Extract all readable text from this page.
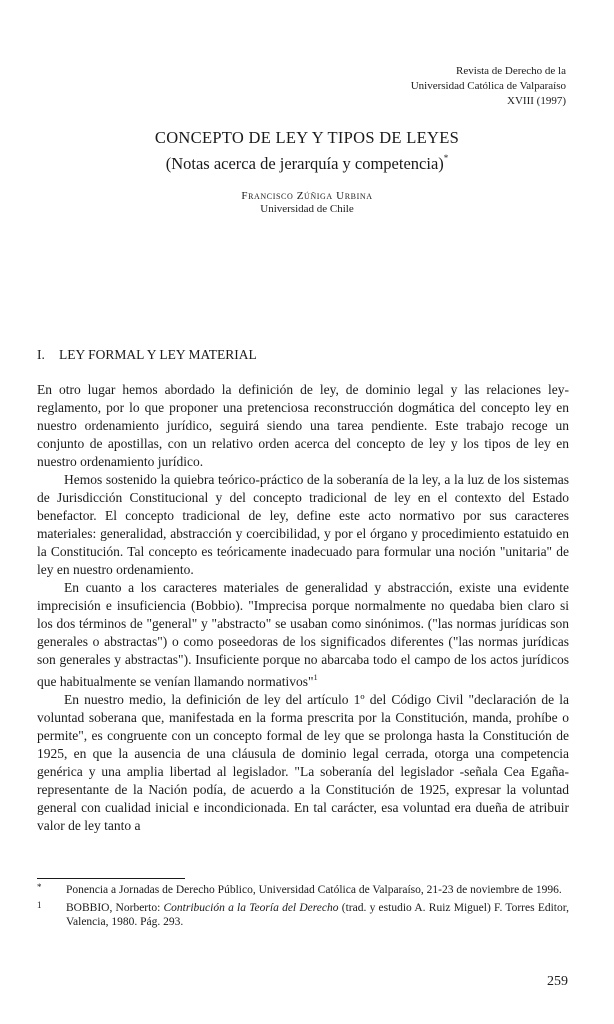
Revista de Derecho de la
Universidad Católica de Valparaíso
XVIII (1997)
CONCEPTO DE LEY Y TIPOS DE LEYES
(Notas acerca de jerarquía y competencia)*
Francisco Zúñiga Urbina
Universidad de Chile
I. LEY FORMAL Y LEY MATERIAL

En otro lugar hemos abordado la definición de ley, de dominio legal y las relaciones ley-reglamento, por lo que proponer una pretenciosa reconstrucción dogmática del concepto ley en nuestro ordenamiento jurídico, seguirá siendo una tarea pendiente. Este trabajo recoge un conjunto de apostillas, con un relativo orden acerca del concepto de ley y los tipos de ley en nuestro ordenamiento jurídico.

Hemos sostenido la quiebra teórico-práctico de la soberanía de la ley, a la luz de los sistemas de Jurisdicción Constitucional y del concepto tradicional de ley en el contexto del Estado benefactor. El concepto tradicional de ley, define este acto normativo por sus caracteres materiales: generalidad, abstracción y coercibilidad, y por el órgano y procedimiento estatuido en la Constitución. Tal concepto es teóricamente inadecuado para formular una noción "unitaria" de ley en nuestro ordenamiento.

En cuanto a los caracteres materiales de generalidad y abstracción, existe una evidente imprecisión e insuficiencia (Bobbio). "Imprecisa porque normalmente no quedaba bien claro si los dos términos de "general" y "abstracto" se usaban como sinónimos. ("las normas jurídicas son generales o abstractas") o como poseedoras de los significados diferentes ("las normas jurídicas son generales y abstractas"). Insuficiente porque no abarcaba todo el campo de los actos jurídicos que habitualmente se venían llamando normativos"$^1$

En nuestro medio, la definición de ley del artículo 1º del Código Civil "declaración de la voluntad soberana que, manifestada en la forma prescrita por la Constitución, manda, prohíbe o permite", es congruente con un concepto formal de ley que se prolonga hasta la Constitución de 1925, en que la ausencia de una cláusula de dominio legal cerrada, otorga una competencia genérica y una amplia libertad al legislador. "La soberanía del legislador -señala Cea Egaña- representante de la Nación podía, de acuerdo a la Constitución de 1925, expresar la voluntad general con cualidad inicial e incondicionada. En tal carácter, esa voluntad era dueña de atribuir valor de ley tanto a

* Ponencia a Jornadas de Derecho Público, Universidad Católica de Valparaíso, 21-23 de noviembre de 1996.
1 BOBBIO, Norberto: Contribución a la Teoría del Derecho (trad. y estudio A. Ruiz Miguel) F. Torres Editor, Valencia, 1980. Pág. 293.
259
